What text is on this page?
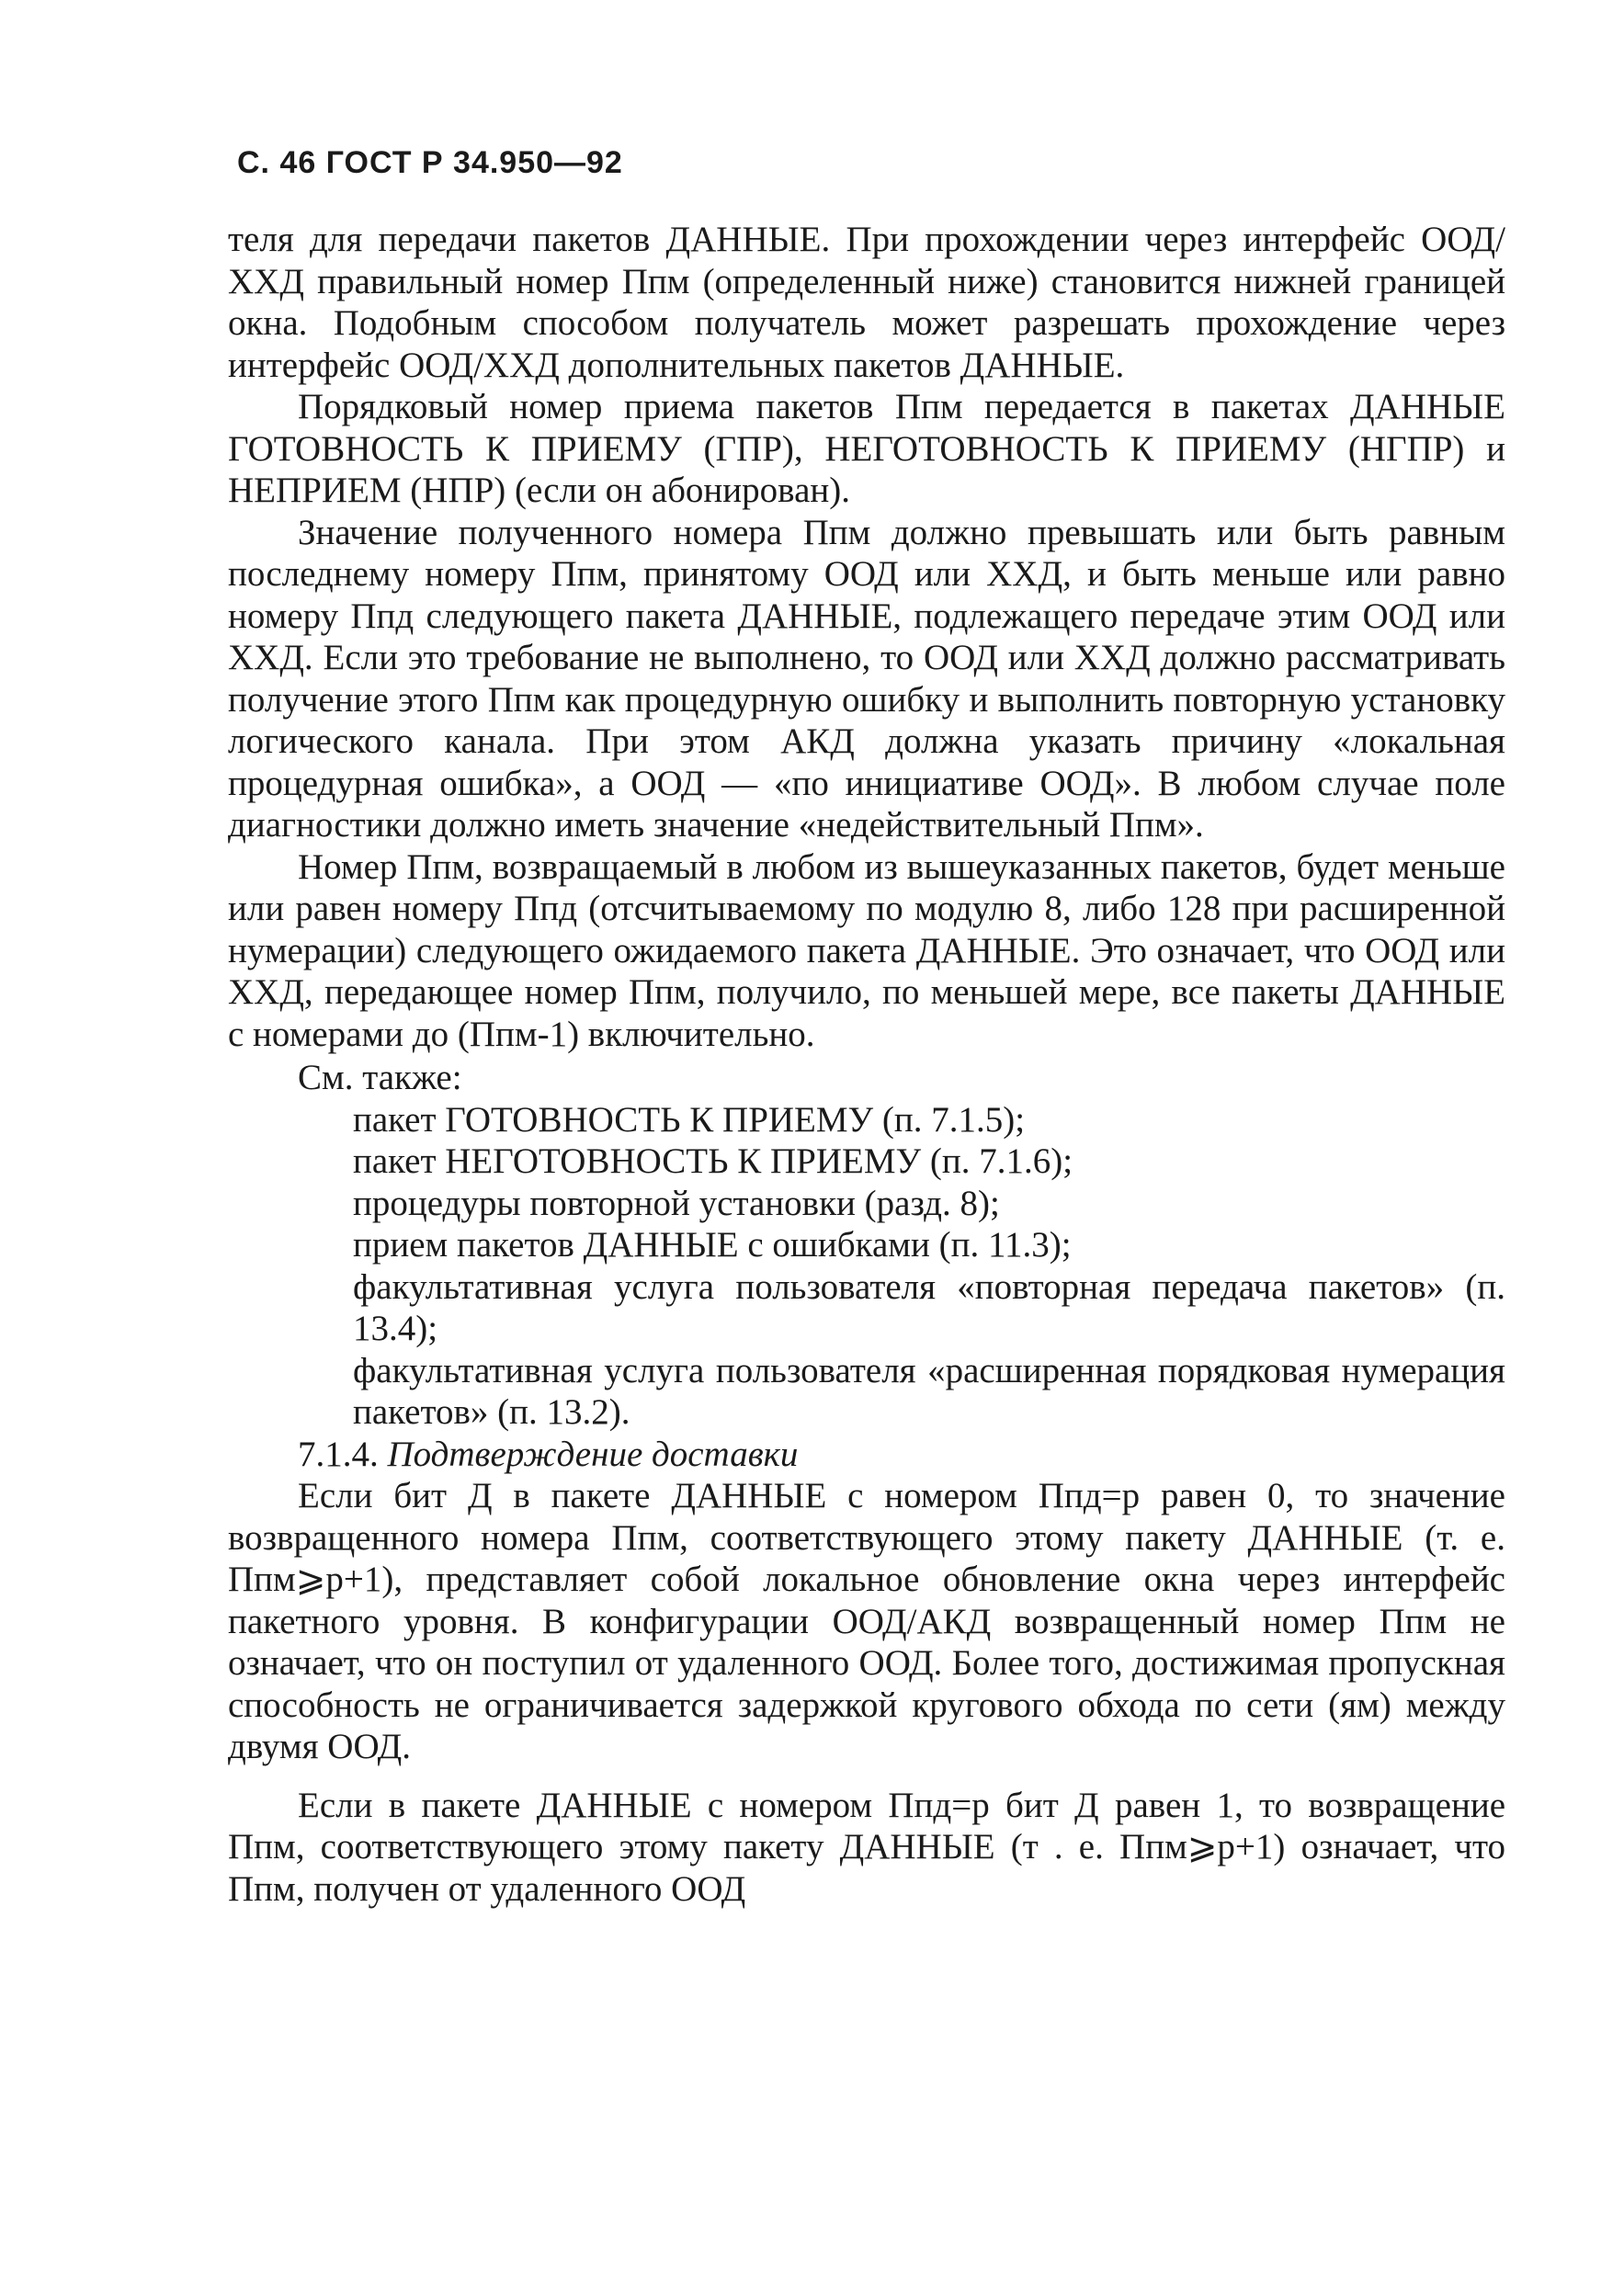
С. 46 ГОСТ Р 34.950—92

теля для передачи пакетов ДАННЫЕ. При прохождении через интерфейс ООД/ХХД правильный номер Ппм (определенный ниже) становится нижней границей окна. Подобным способом получатель может разрешать прохождение через интерфейс ООД/ХХД дополнительных пакетов ДАННЫЕ.

Порядковый номер приема пакетов Ппм передается в пакетах ДАННЫЕ ГОТОВНОСТЬ К ПРИЕМУ (ГПР), НЕГОТОВНОСТЬ К ПРИЕМУ (НГПР) и НЕПРИЕМ (НПР) (если он абонирован).

Значение полученного номера Ппм должно превышать или быть равным последнему номеру Ппм, принятому ООД или ХХД, и быть меньше или равно номеру Ппд следующего пакета ДАННЫЕ, подлежащего передаче этим ООД или ХХД. Если это требование не выполнено, то ООД или ХХД должно рассматривать получение этого Ппм как процедурную ошибку и выполнить повторную установку логического канала. При этом АКД должна указать причину «локальная процедурная ошибка», а ООД — «по инициативе ООД». В любом случае поле диагностики должно иметь значение «недействительный Ппм».

Номер Ппм, возвращаемый в любом из вышеуказанных пакетов, будет меньше или равен номеру Ппд (отсчитываемому по модулю 8, либо 128 при расширенной нумерации) следующего ожидаемого пакета ДАННЫЕ. Это означает, что ООД или ХХД, передающее номер Ппм, получило, по меньшей мере, все пакеты ДАННЫЕ с номерами до (Ппм-1) включительно.

См. также:

пакет ГОТОВНОСТЬ К ПРИЕМУ (п. 7.1.5);
пакет НЕГОТОВНОСТЬ К ПРИЕМУ (п. 7.1.6);
процедуры повторной установки (разд. 8);
прием пакетов ДАННЫЕ с ошибками (п. 11.3);
факультативная услуга пользователя «повторная передача пакетов» (п. 13.4);
факультативная услуга пользователя «расширенная порядковая нумерация пакетов» (п. 13.2).

7.1.4. Подтверждение доставки

Если бит Д в пакете ДАННЫЕ с номером Ппд=р равен 0, то значение возвращенного номера Ппм, соответствующего этому пакету ДАННЫЕ (т. е. Ппм⩾р+1), представляет собой локальное обновление окна через интерфейс пакетного уровня. В конфигурации ООД/АКД возвращенный номер Ппм не означает, что он поступил от удаленного ООД. Более того, достижимая пропускная способность не ограничивается задержкой кругового обхода по сети (ям) между двумя ООД.

Если в пакете ДАННЫЕ с номером Ппд=р бит Д равен 1, то возвращение Ппм, соответствующего этому пакету ДАННЫЕ (т . е. Ппм⩾р+1) означает, что Ппм, получен от удаленного ООД
